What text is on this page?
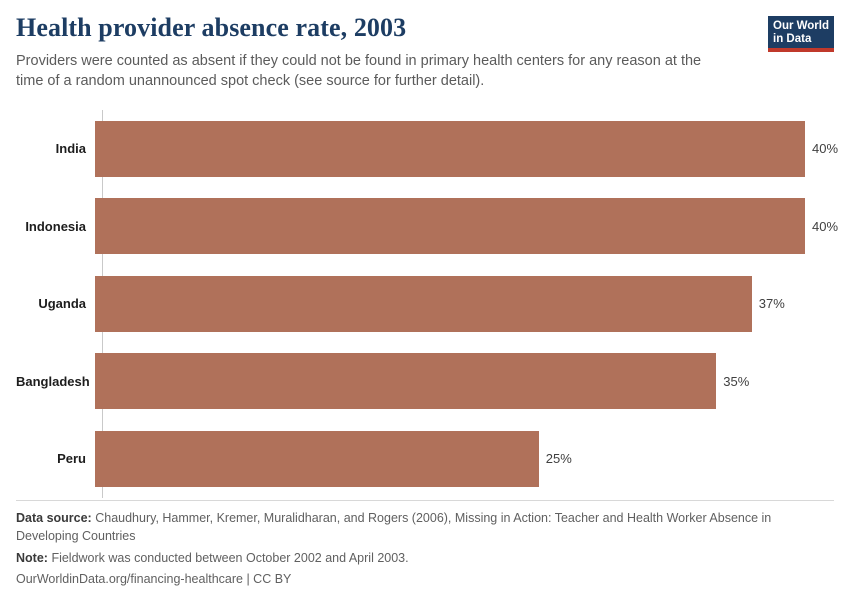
Health provider absence rate, 2003

Providers were counted as absent if they could not be found in primary health centers for any reason at the time of a random unannounced spot check (see source for further detail).

Our World
in Data
India	40%
Indonesia	40%
Uganda	37%
Bangladesh	35%
Peru	25%
Data source: Chaudhury, Hammer, Kremer, Muralidharan, and Rogers (2006), Missing in Action: Teacher and Health Worker Absence in Developing Countries
Note: Fieldwork was conducted between October 2002 and April 2003.
OurWorldinData.org/financing-healthcare | CC BY
